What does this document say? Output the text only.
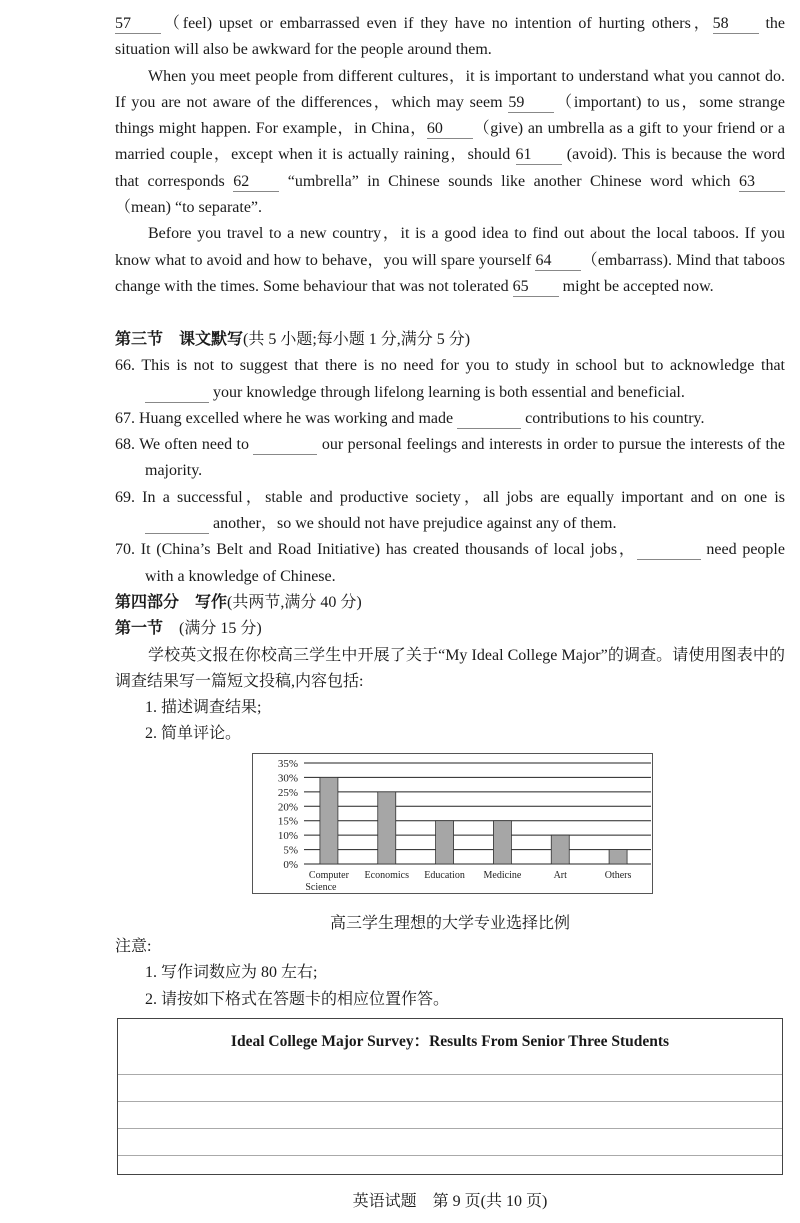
57 （feel) upset or embarrassed even if they have no intention of hurting others，58 the situation will also be awkward for the people around them.

When you meet people from different cultures，it is important to understand what you cannot do. If you are not aware of the differences，which may seem 59 （important) to us，some strange things might happen. For example，in China，60 （give) an umbrella as a gift to your friend or a married couple，except when it is actually raining，should 61 (avoid). This is because the word that corresponds 62 “umbrella” in Chinese sounds like another Chinese word which 63（mean) “to separate”.

Before you travel to a new country，it is a good idea to find out about the local taboos. If you know what to avoid and how to behave，you will spare yourself 64 （embarrass). Mind that taboos change with the times. Some behaviour that was not tolerated 65 might be accepted now.

第三节　课文默写(共 5 小题;每小题 1 分,满分 5 分)
66. This is not to suggest that there is no need for you to study in school but to acknowledge that   your knowledge through lifelong learning is both essential and beneficial.
67. Huang excelled where he was working and made	contributions to his country.
68. We often need to	our personal feelings and interests in order to pursue the interests of the majority.
69. In a successful，stable and productive society，all jobs are equally important and on one is   another，so we should not have prejudice against any of them.
70. It (China’s Belt and Road Initiative) has created thousands of local jobs，	need people with a knowledge of Chinese.
第四部分　写作(共两节,满分 40 分)
第一节　(满分 15 分)

学校英文报在你校高三学生中开展了关于“My Ideal College Major”的调查。请使用图表中的调查结果写一篇短文投稿,内容包括:

1. 描述调查结果;
2. 简单评论。
0%
5%
10%
15%
20%
25%
30%
35%
Computer
Science
Economics Education Medicine	Art	Others
高三学生理想的大学专业选择比例
注意:
1. 写作词数应为 80 左右;
2. 请按如下格式在答题卡的相应位置作答。
Ideal College Major Survey：Results From Senior Three Students
英语试题　第 9 页(共 10 页)
